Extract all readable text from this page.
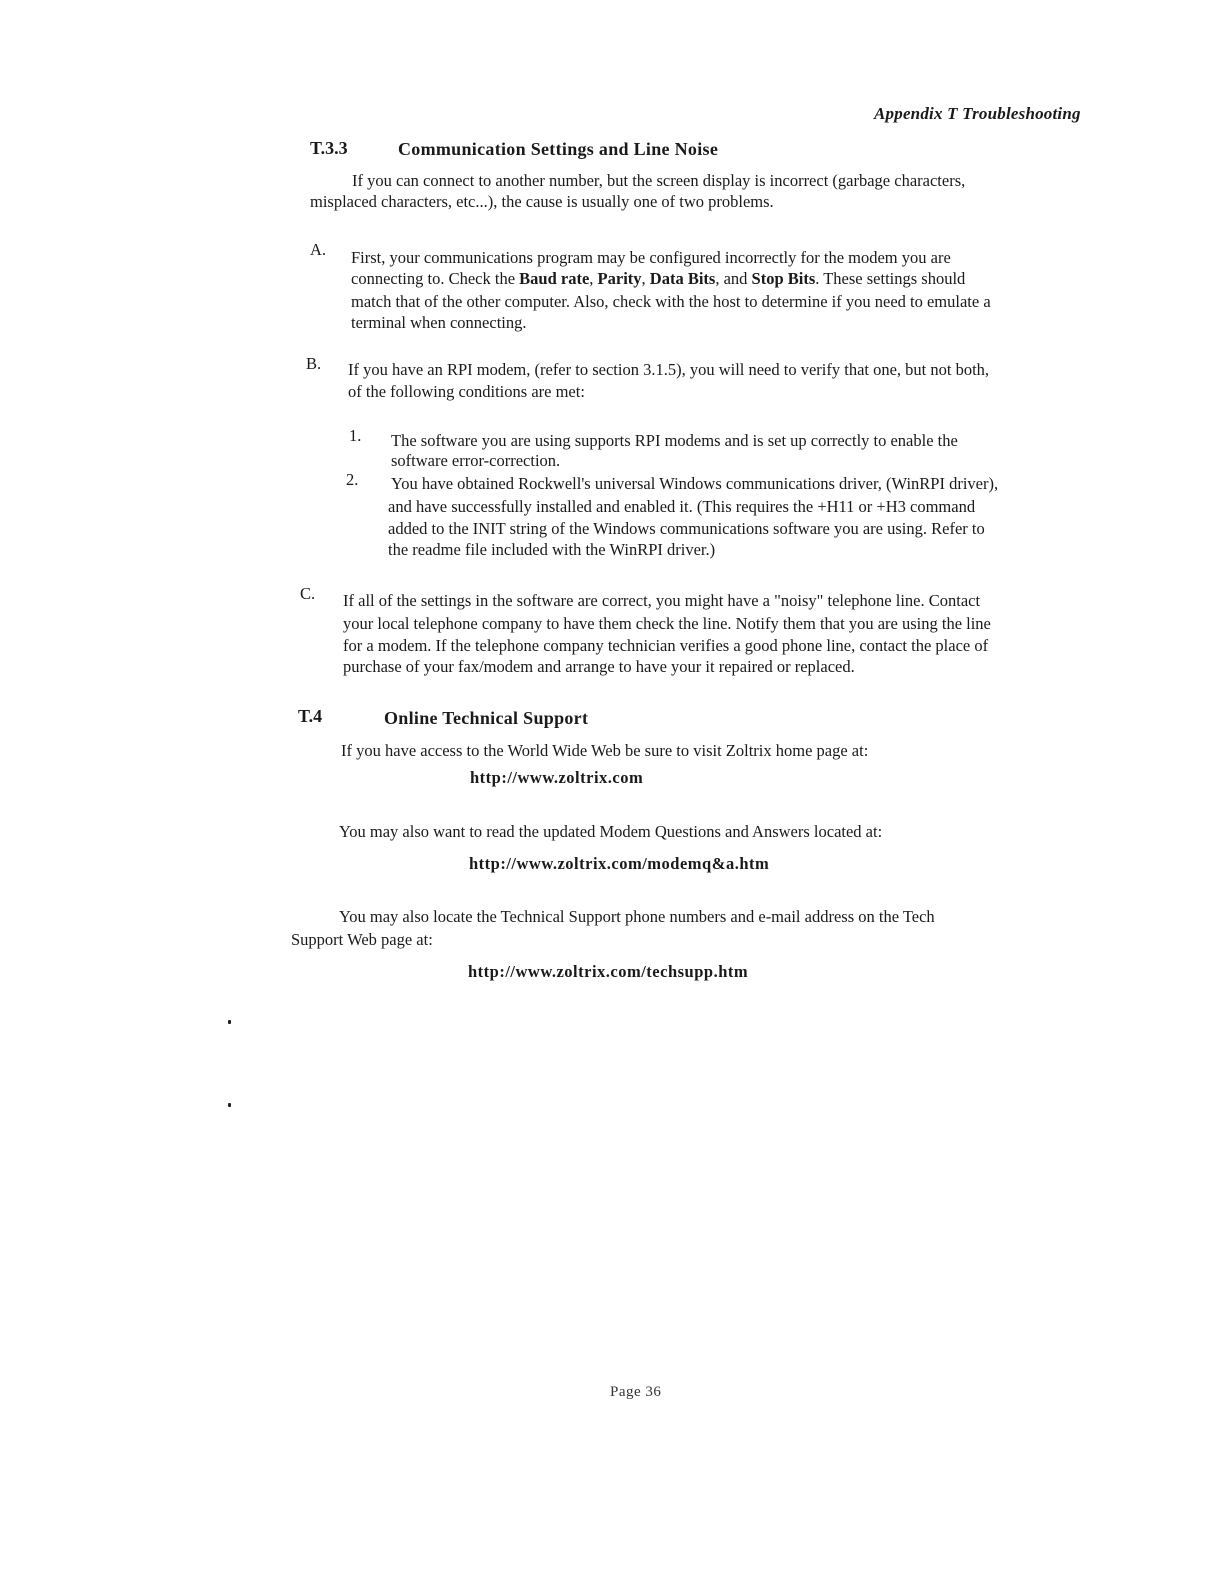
Appendix T Troubleshooting
T.3.3	Communication Settings and Line Noise
If you can connect to another number, but the screen display is incorrect (garbage characters,
misplaced characters, etc...), the cause is usually one of two problems.
A. First, your communications program may be configured incorrectly for the modem you are
connecting to. Check the Baud rate, Parity, Data Bits, and Stop Bits. These settings should
match that of the other computer. Also, check with the host to determine if you need to emulate a
terminal when connecting.
B. If you have an RPI modem, (refer to section 3.1.5), you will need to verify that one, but not both,
of the following conditions are met:
1. The software you are using supports RPI modems and is set up correctly to enable the
software error-correction.
2. You have obtained Rockwell's universal Windows communications driver, (WinRPI driver),
and have successfully installed and enabled it. (This requires the +H11 or +H3 command
added to the INIT string of the Windows communications software you are using. Refer to
the readme file included with the WinRPI driver.)
C. If all of the settings in the software are correct, you might have a "noisy" telephone line. Contact
your local telephone company to have them check the line. Notify them that you are using the line
for a modem. If the telephone company technician verifies a good phone line, contact the place of
purchase of your fax/modem and arrange to have your it repaired or replaced.
T.4	Online Technical Support
If you have access to the World Wide Web be sure to visit Zoltrix home page at:
http://www.zoltrix.com
You may also want to read the updated Modem Questions and Answers located at:
http://www.zoltrix.com/modemq&a.htm
You may also locate the Technical Support phone numbers and e-mail address on the Tech
Support Web page at:
http://www.zoltrix.com/techsupp.htm
Page 36
